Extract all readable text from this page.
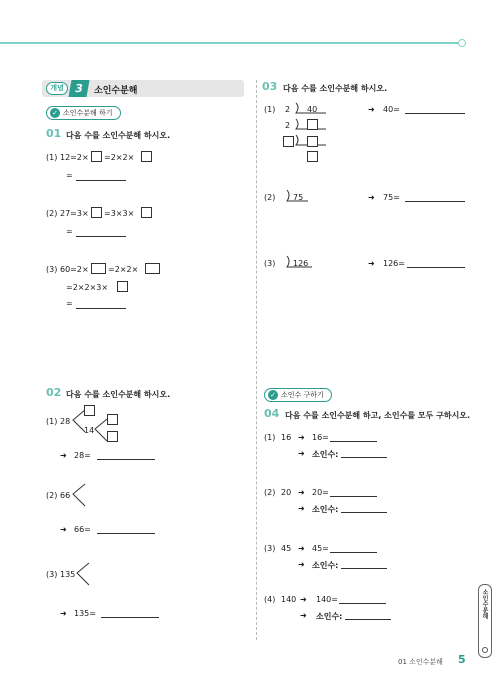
개념 3	소인수분해
✓ 소인수분해 하기
01 다음 수를 소인수분해 하시오.
(1) 12=2× =2×2×
=
(2) 27=3× =3×3×
=
(3) 60=2× =2×2×
=2×2×3×
=
02 다음 수를 소인수분해 하시오.
(1) 28
14
➜ 28=
(2) 66
➜ 66=
(3) 135
➜ 135=
03 다음 수를 소인수분해 하시오.
(1) 2 40
2
➜ 40=
(2) 75	➜ 75=
(3) 126	➜ 126=
✓ 소인수 구하기
04 다음 수를 소인수분해 하고, 소인수를 모두 구하시오.
(1) 16 ➜ 16=
➜ 소인수:
(2) 20 ➜ 20=
➜ 소인수:
(3) 45 ➜ 45=
➜ 소인수:
(4) 140 ➜ 140=
➜ 소인수:	소인수분해
01 소인수분해 5
